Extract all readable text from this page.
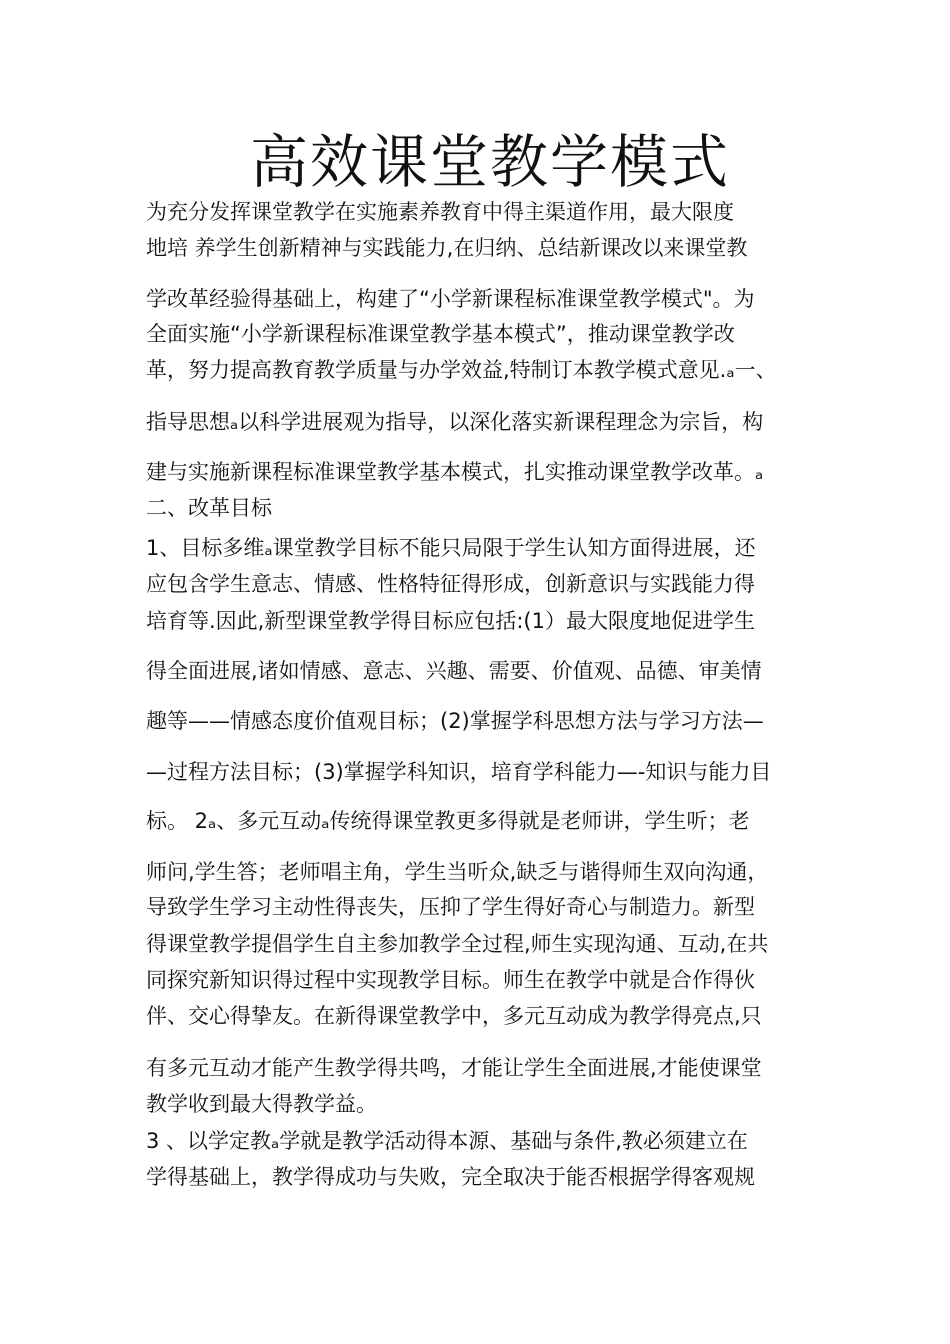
高效课堂教学模式
为充分发挥课堂教学在实施素养教育中得主渠道作用，最大限度
地培 养学生创新精神与实践能力,在归纳、总结新课改以来课堂教
学改革经验得基础上，构建了“小学新课程标准课堂教学模式"。为
全面实施“小学新课程标准课堂教学基本模式”，推动课堂教学改
革，努力提高教育教学质量与办学效益,特制订本教学模式意见.ₐ一、
指导思想ₐ以科学进展观为指导，以深化落实新课程理念为宗旨，构
建与实施新课程标准课堂教学基本模式，扎实推动课堂教学改革。ₐ
二、改革目标
1、目标多维ₐ课堂教学目标不能只局限于学生认知方面得进展，还
应包含学生意志、情感、性格特征得形成，创新意识与实践能力得
培育等.因此,新型课堂教学得目标应包括:(1）最大限度地促进学生
得全面进展,诸如情感、意志、兴趣、需要、价值观、品德、审美情
趣等——情感态度价值观目标；(2)掌握学科思想方法与学习方法—
—过程方法目标；(3)掌握学科知识，培育学科能力—-知识与能力目
标。 2ₐ、多元互动ₐ传统得课堂教更多得就是老师讲，学生听；老
师问,学生答；老师唱主角，学生当听众,缺乏与谐得师生双向沟通，
导致学生学习主动性得丧失，压抑了学生得好奇心与制造力。新型
得课堂教学提倡学生自主参加教学全过程,师生实现沟通、互动,在共
同探究新知识得过程中实现教学目标。师生在教学中就是合作得伙
伴、交心得挚友。在新得课堂教学中，多元互动成为教学得亮点,只
有多元互动才能产生教学得共鸣，才能让学生全面进展,才能使课堂
教学收到最大得教学益。
3 、以学定教ₐ学就是教学活动得本源、基础与条件,教必须建立在
学得基础上，教学得成功与失败，完全取决于能否根据学得客观规
